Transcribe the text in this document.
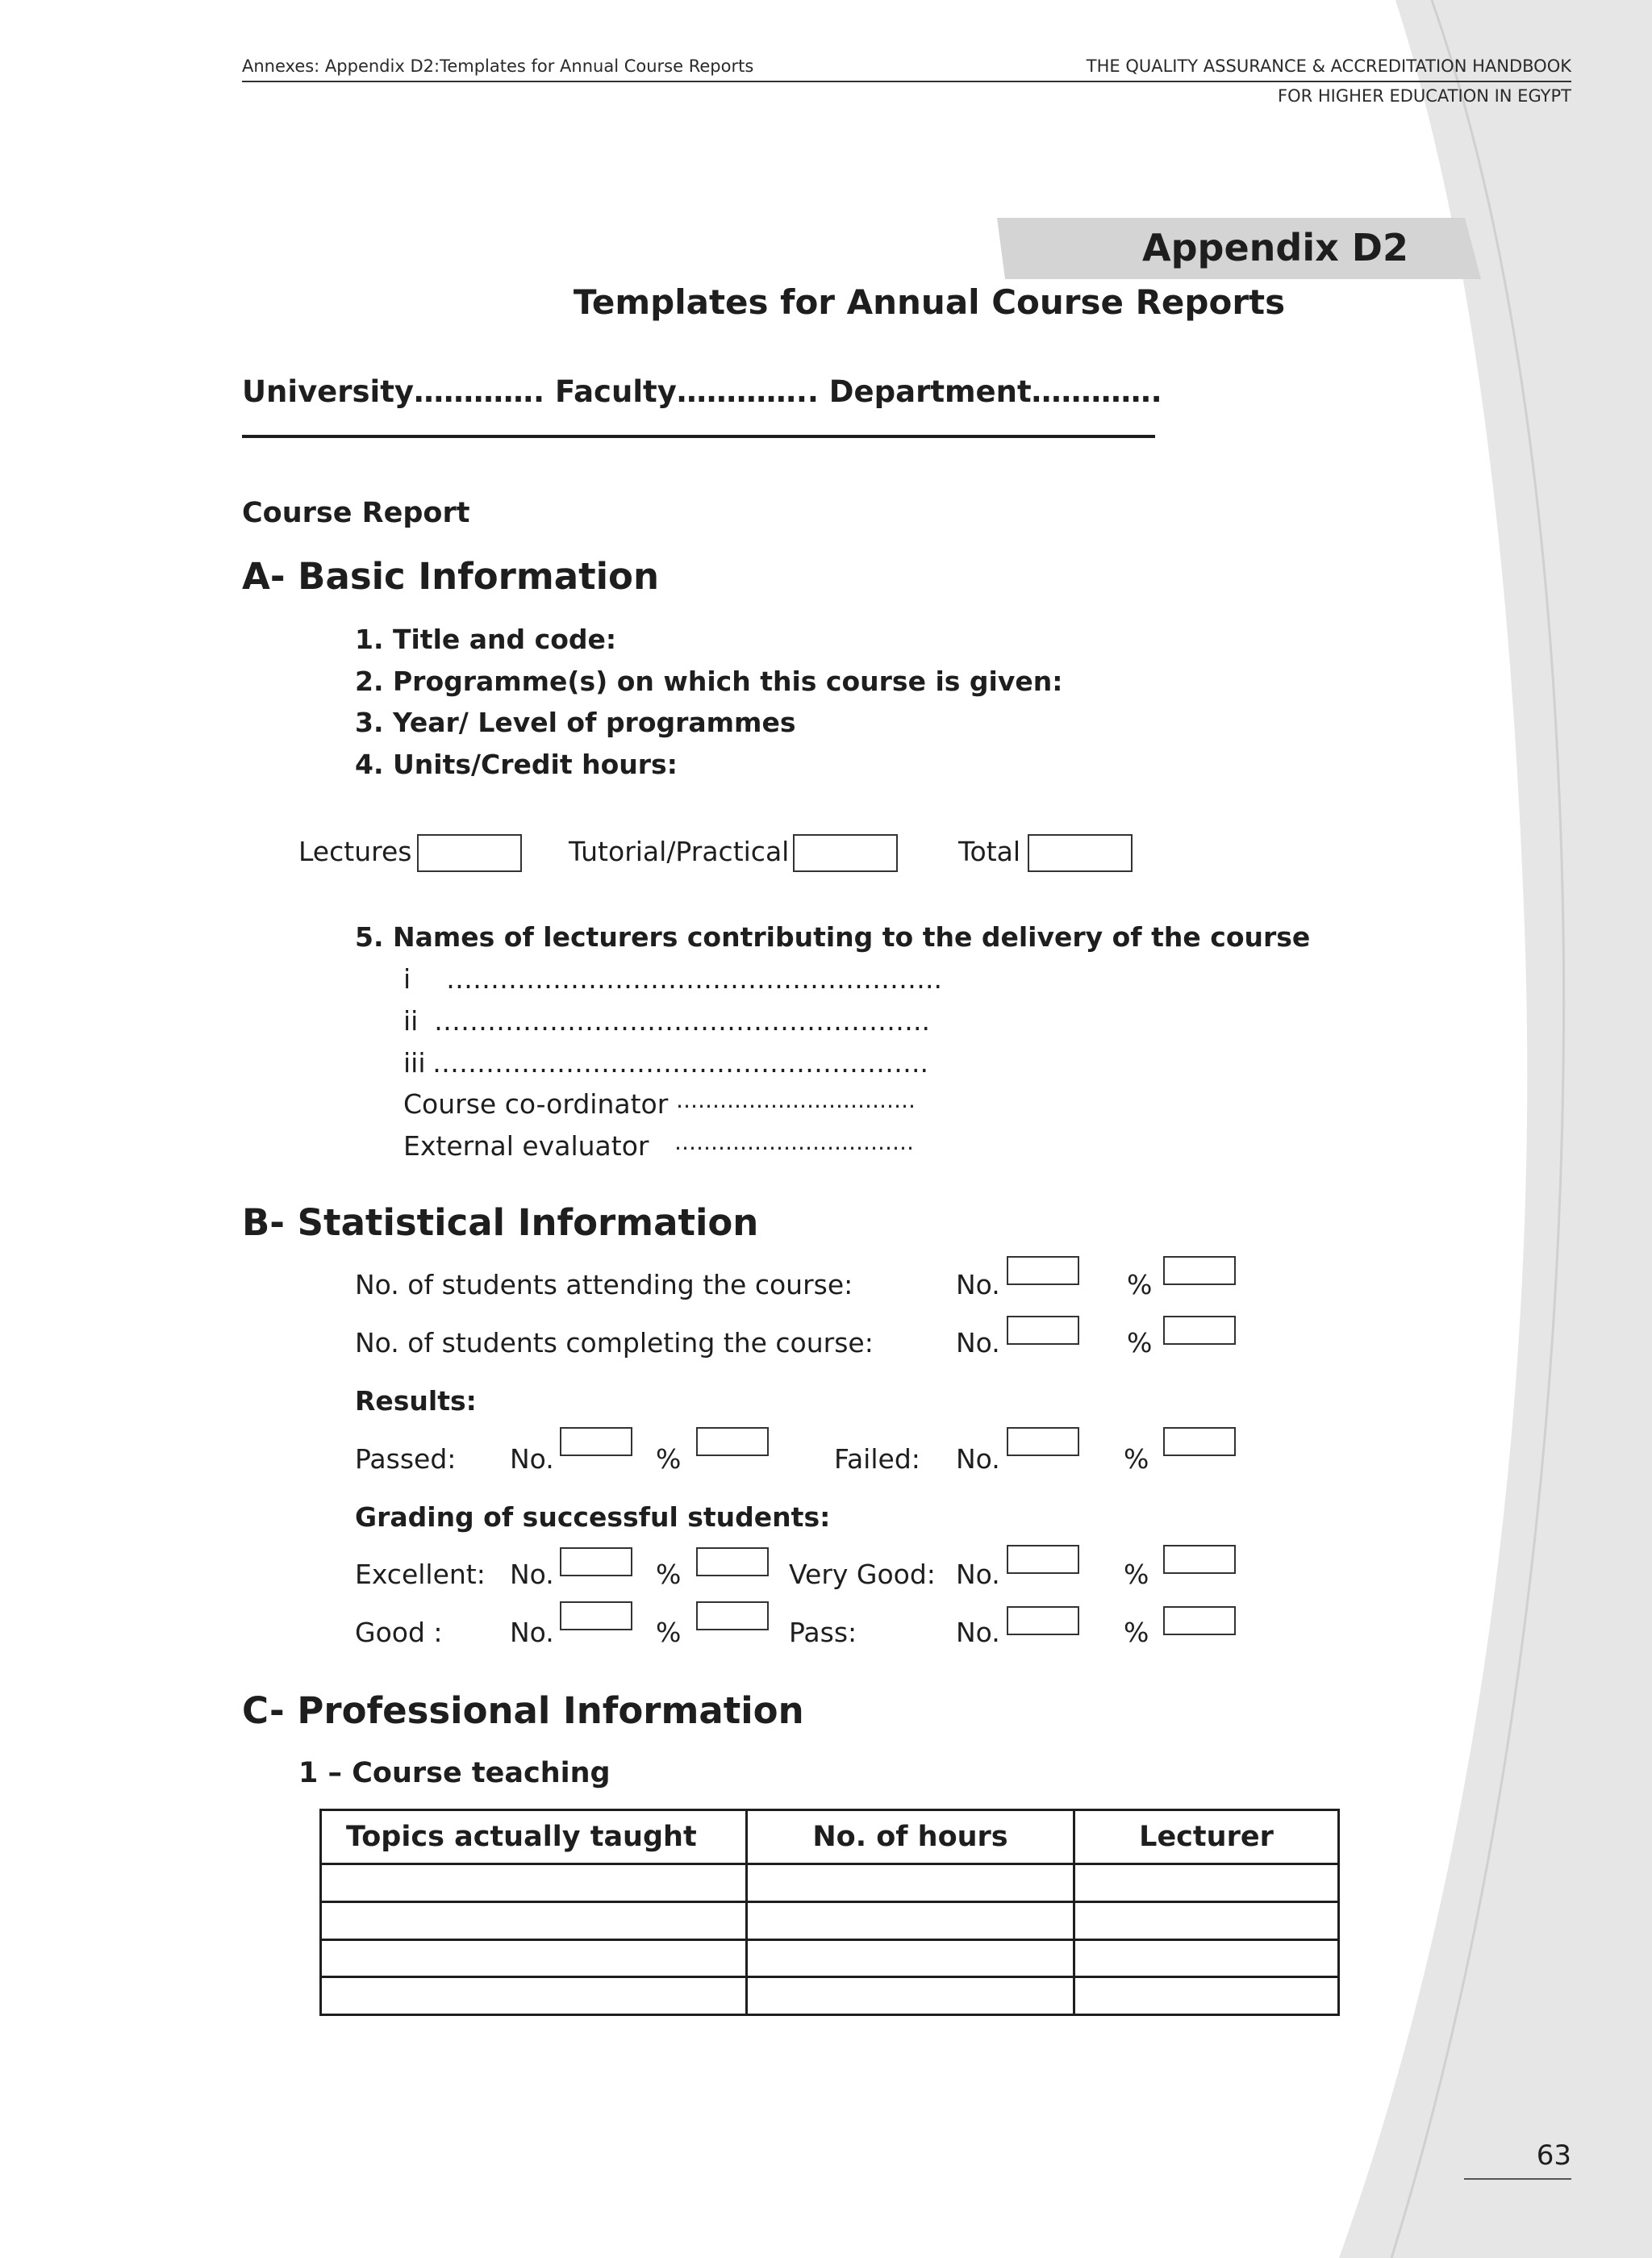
Annexes: Appendix D2:Templates for Annual Course Reports	THE QUALITY ASSURANCE & ACCREDITATION HANDBOOK
FOR HIGHER EDUCATION IN EGYPT
Appendix D2
Templates for Annual Course Reports
University…………. Faculty………….. Department………….
Course Report
A- Basic Information
1. Title and code:
2. Programme(s) on which this course is given:
3. Year/ Level of programmes
4. Units/Credit hours:
Lectures	Tutorial/Practical	Total
5. Names of lecturers contributing to the delivery of the course
i ………………………………………………..
ii ………………………………………………..
iii ………………………………………………..
Course co-ordinator ……………………………
External evaluator ……………………………
B- Statistical Information
No. of students attending the course:	No.	%
No. of students completing the course:	No.	%
Results:
Passed: No.	%	Failed: No.	%
Grading of successful students:
Excellent: No.	%	Very Good: No.	%
Good :	No.	%	Pass:	No.	%
C- Professional Information
1 – Course teaching
Topics actually taught	No. of hours	Lecturer

63
